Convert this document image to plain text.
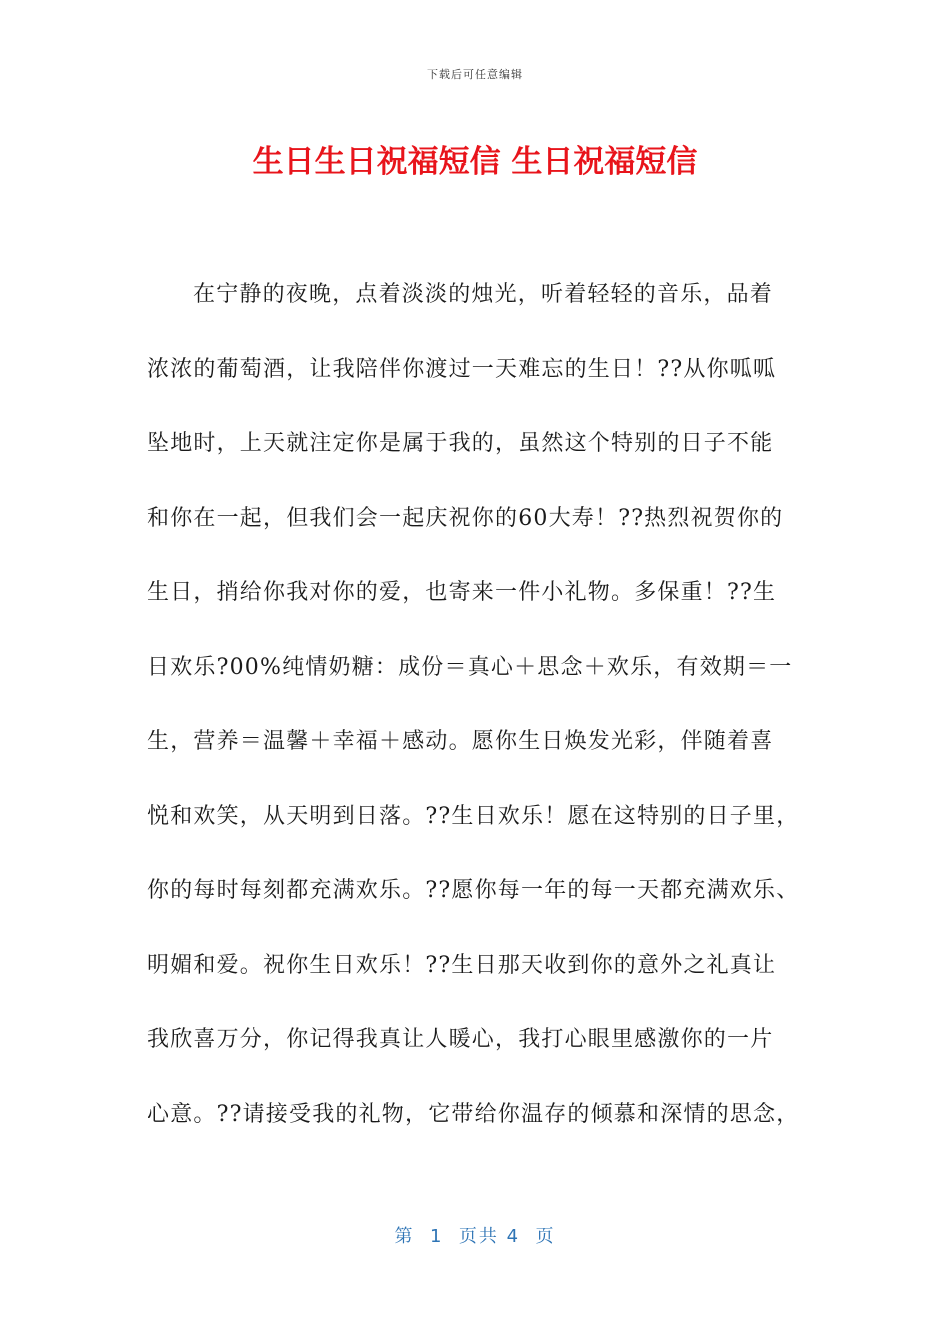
下载后可任意编辑
生日生日祝福短信 生日祝福短信
在宁静的夜晚，点着淡淡的烛光，听着轻轻的音乐，品着
浓浓的葡萄酒，让我陪伴你渡过一天难忘的生日！??从你呱呱
坠地时，上天就注定你是属于我的，虽然这个特别的日子不能
和你在一起，但我们会一起庆祝你的60大寿！??热烈祝贺你的
生日，捎给你我对你的爱，也寄来一件小礼物。多保重！??生
日欢乐?00%纯情奶糖：成份＝真心＋思念＋欢乐，有效期＝一
生，营养＝温馨＋幸福＋感动。愿你生日焕发光彩，伴随着喜
悦和欢笑，从天明到日落。??生日欢乐！愿在这特别的日子里，
你的每时每刻都充满欢乐。??愿你每一年的每一天都充满欢乐、
明媚和爱。祝你生日欢乐！??生日那天收到你的意外之礼真让
我欣喜万分，你记得我真让人暖心，我打心眼里感激你的一片
心意。??请接受我的礼物，它带给你温存的倾慕和深情的思念，
第  1  页共 4  页
